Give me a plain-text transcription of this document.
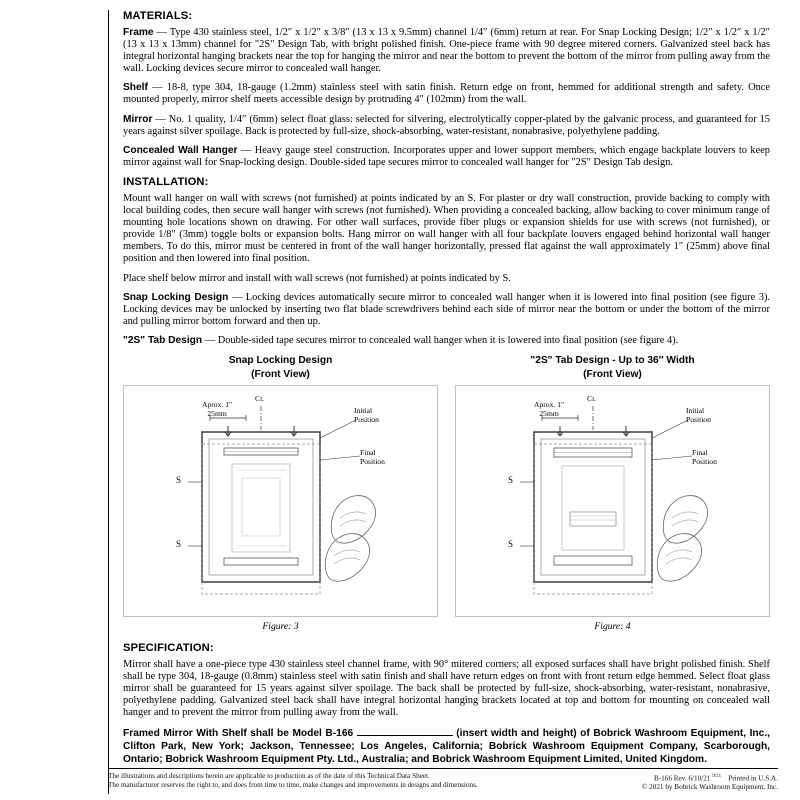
MATERIALS:

Frame — Type 430 stainless steel, 1/2″ x 1/2″ x 3/8″ (13 x 13 x 9.5mm) channel 1/4″ (6mm) return at rear. For Snap Locking Design; 1/2″ x 1/2″ x 1/2″ (13 x 13 x 13mm) channel for "2S" Design Tab, with bright polished finish. One-piece frame with 90 degree mitered corners. Galvanized steel back has integral horizontal hanging brackets near the top for hanging the mirror and near the bottom to prevent the bottom of the mirror from pulling away from the wall. Locking devices secure mirror to concealed wall hanger.

Shelf — 18-8, type 304, 18-gauge (1.2mm) stainless steel with satin finish. Return edge on front, hemmed for additional strength and safety. Once mounted properly, mirror shelf meets accessible design by protruding 4″ (102mm) from the wall.

Mirror — No. 1 quality, 1/4″ (6mm) select float glass: selected for silvering, electrolytically copper-plated by the galvanic process, and guaranteed for 15 years against silver spoilage. Back is protected by full-size, shock-absorbing, water-resistant, nonabrasive, polyethylene padding.

Concealed Wall Hanger — Heavy gauge steel construction. Incorporates upper and lower support members, which engage backplate louvers to keep mirror against wall for Snap-locking design. Double-sided tape secures mirror to concealed wall hanger for "2S" Design Tab design.

INSTALLATION:

Mount wall hanger on wall with screws (not furnished) at points indicated by an S. For plaster or dry wall construction, provide backing to comply with local building codes, then secure wall hanger with screws (not furnished). When providing a concealed backing, allow backing to cover minimum range of mounting hole locations shown on drawing. For other wall surfaces, provide fiber plugs or expansion shields for use with screws (not furnished), or provide 1/8″ (3mm) toggle bolts or expansion bolts. Hang mirror on wall hanger with all four backplate louvers engaged behind horizontal wall hanger members. To do this, mirror must be centered in front of the wall hanger horizontally, pressed flat against the wall approximately 1″ (25mm) above final position and then lowered into final position.

Place shelf below mirror and install with wall screws (not furnished) at points indicated by S.

Snap Locking Design — Locking devices automatically secure mirror to concealed wall hanger when it is lowered into final position (see figure 3). Locking devices may be unlocked by inserting two flat blade screwdrivers behind each side of mirror near the bottom or under the bottom of the mirror and pulling mirror bottom forward and then up.

"2S" Tab Design — Double-sided tape secures mirror to concealed wall hanger when it is lowered into final position (see figure 4).

Snap Locking Design
(Front View)
Aprox. 1″
25mm
CL
Initial
Position
Final
Position
S
S
Figure: 3
"2S" Tab Design - Up to 36″ Width
(Front View)
Aprox. 1″
25mm
CL
Initial
Position
Final
Position
S
S
Figure: 4
SPECIFICATION:

Mirror shall have a one-piece type 430 stainless steel channel frame, with 90° mitered corners; all exposed surfaces shall have bright polished finish. Shelf shall be type 304, 18-gauge (0.8mm) stainless steel with satin finish and shall have return edges on front with front return edge hemmed. Select float glass mirror shall be guaranteed for 15 years against silver spoilage. The back shall be protected by full-size, shock-absorbing, water-resistant, nonabrasive, polyethylene padding. Galvanized steel back shall have integral horizontal hanging brackets located at top and bottom for mounting on concealed wall hanger and to prevent the mirror from pulling away from the wall.

Framed Mirror With Shelf shall be Model B-166	(insert width and height) of Bobrick Washroom Equipment, Inc., Clifton Park, New York; Jackson, Tennessee; Los Angeles, California; Bobrick Washroom Equipment Company, Scarborough, Ontario; Bobrick Washroom Equipment Pty. Ltd., Australia; and Bobrick Washroom Equipment Limited, United Kingdom.

The illustrations and descriptions herein are applicable to production as of the date of this Technical Data Sheet.
The manufacturer reserves the right to, and does from time to time, make changes and improvements in designs and dimensions.
B-166 Rev. 6/10/21 $^{9/21}$ Printed in U.S.A.
© 2021 by Bobrick Washroom Equipment, Inc.
